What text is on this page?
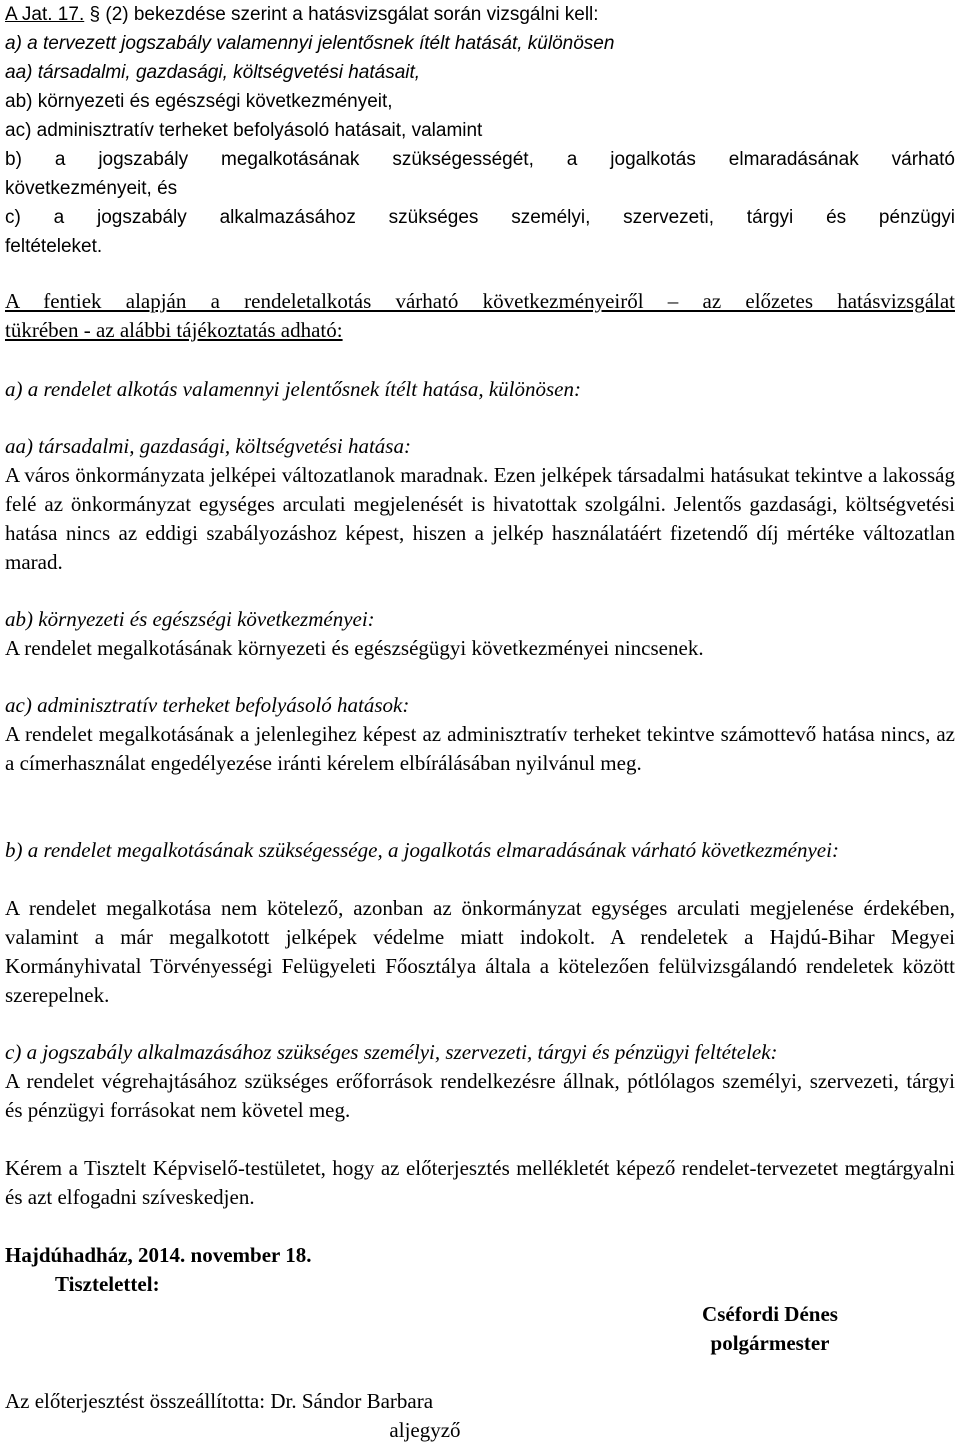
A Jat. 17. § (2) bekezdése szerint a hatásvizsgálat során vizsgálni kell:
a) a tervezett jogszabály valamennyi jelentősnek ítélt hatását, különösen
aa) társadalmi, gazdasági, költségvetési hatásait,
ab) környezeti és egészségi következményeit,
ac) adminisztratív terheket befolyásoló hatásait, valamint
b) a jogszabály megalkotásának szükségességét, a jogalkotás elmaradásának várható
következményeit, és
c) a jogszabály alkalmazásához szükséges személyi, szervezeti, tárgyi és pénzügyi
feltételeket.
A fentiek alapján a rendeletalkotás várható következményeiről – az előzetes hatásvizsgálat
tükrében - az alábbi tájékoztatás adható:
a) a rendelet alkotás valamennyi jelentősnek ítélt hatása, különösen:
aa) társadalmi, gazdasági, költségvetési hatása:

A város önkormányzata jelképei változatlanok maradnak. Ezen jelképek társadalmi hatásukat tekintve a lakosság felé az önkormányzat egységes arculati megjelenését is hivatottak szolgálni. Jelentős gazdasági, költségvetési hatása nincs az eddigi szabályozáshoz képest, hiszen a jelkép használatáért fizetendő díj mértéke változatlan marad.

ab) környezeti és egészségi következményei:

A rendelet megalkotásának környezeti és egészségügyi következményei nincsenek.

ac) adminisztratív terheket befolyásoló hatások:

A rendelet megalkotásának a jelenlegihez képest az adminisztratív terheket tekintve számottevő hatása nincs, az a címerhasználat engedélyezése iránti kérelem elbírálásában nyilvánul meg.

b) a rendelet megalkotásának szükségessége, a jogalkotás elmaradásának várható következményei:

A rendelet megalkotása nem kötelező, azonban az önkormányzat egységes arculati megjelenése érdekében, valamint a már megalkotott jelképek védelme miatt indokolt. A rendeletek a Hajdú-Bihar Megyei Kormányhivatal Törvényességi Felügyeleti Főosztálya általa a kötelezően felülvizsgálandó rendeletek között szerepelnek.

c) a jogszabály alkalmazásához szükséges személyi, szervezeti, tárgyi és pénzügyi feltételek:

A rendelet végrehajtásához szükséges erőforrások rendelkezésre állnak, pótlólagos személyi, szervezeti, tárgyi és pénzügyi forrásokat nem követel meg.

Kérem a Tisztelt Képviselő-testületet, hogy az előterjesztés mellékletét képező rendelet-tervezetet megtárgyalni és azt elfogadni szíveskedjen.

Hajdúhadház, 2014. november 18.
Tisztelettel:
Cséfordi Dénes
polgármester
Az előterjesztést összeállította: Dr. Sándor Barbara
aljegyző
